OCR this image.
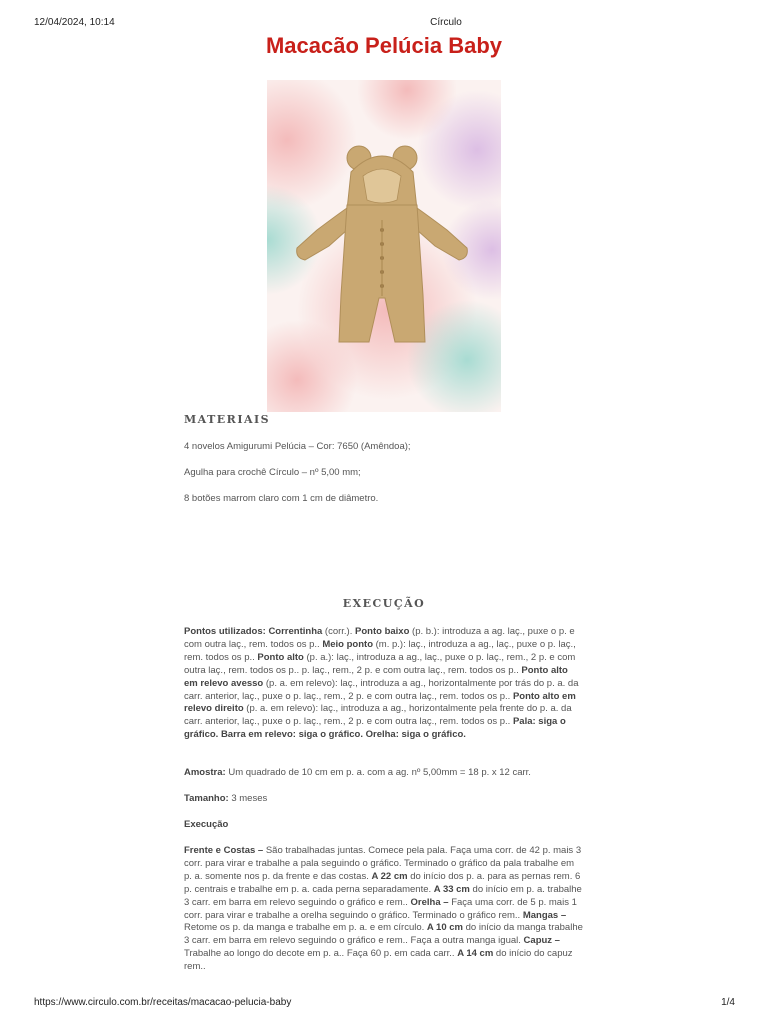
12/04/2024, 10:14	Círculo
Macacão Pelúcia Baby
MATERIAIS

4 novelos Amigurumi Pelúcia – Cor: 7650 (Amêndoa);

Agulha para crochê Círculo – nº 5,00 mm;

8 botões marrom claro com 1 cm de diâmetro.

EXECUÇÃO

Pontos utilizados: Correntinha (corr.). Ponto baixo (p. b.): introduza a ag. laç., puxe o p. e com outra laç., rem. todos os p.. Meio ponto (m. p.): laç., introduza a ag., laç., puxe o p. laç., rem. todos os p.. Ponto alto (p. a.): laç., introduza a ag., laç., puxe o p. laç., rem., 2 p. e com outra laç., rem. todos os p.. p. laç., rem., 2 p. e com outra laç., rem. todos os p.. Ponto alto em relevo avesso (p. a. em relevo): laç., introduza a ag., horizontalmente por trás do p. a. da carr. anterior, laç., puxe o p. laç., rem., 2 p. e com outra laç., rem. todos os p.. Ponto alto em relevo direito (p. a. em relevo): laç., introduza a ag., horizontalmente pela frente do p. a. da carr. anterior, laç., puxe o p. laç., rem., 2 p. e com outra laç., rem. todos os p.. Pala: siga o gráfico. Barra em relevo: siga o gráfico. Orelha: siga o gráfico.

Amostra: Um quadrado de 10 cm em p. a. com a ag. nº 5,00mm = 18 p. x 12 carr.

Tamanho: 3 meses

Execução

Frente e Costas – São trabalhadas juntas. Comece pela pala. Faça uma corr. de 42 p. mais 3 corr. para virar e trabalhe a pala seguindo o gráfico. Terminado o gráfico da pala trabalhe em p. a. somente nos p. da frente e das costas. A 22 cm do início dos p. a. para as pernas rem. 6 p. centrais e trabalhe em p. a. cada perna separadamente. A 33 cm do início em p. a. trabalhe 3 carr. em barra em relevo seguindo o gráfico e rem.. Orelha – Faça uma corr. de 5 p. mais 1 corr. para virar e trabalhe a orelha seguindo o gráfico. Terminado o gráfico rem.. Mangas – Retome os p. da manga e trabalhe em p. a. e em círculo. A 10 cm do início da manga trabalhe 3 carr. em barra em relevo seguindo o gráfico e rem.. Faça a outra manga igual. Capuz – Trabalhe ao longo do decote em p. a.. Faça 60 p. em cada carr.. A 14 cm do início do capuz rem..

https://www.circulo.com.br/receitas/macacao-pelucia-baby	1/4
